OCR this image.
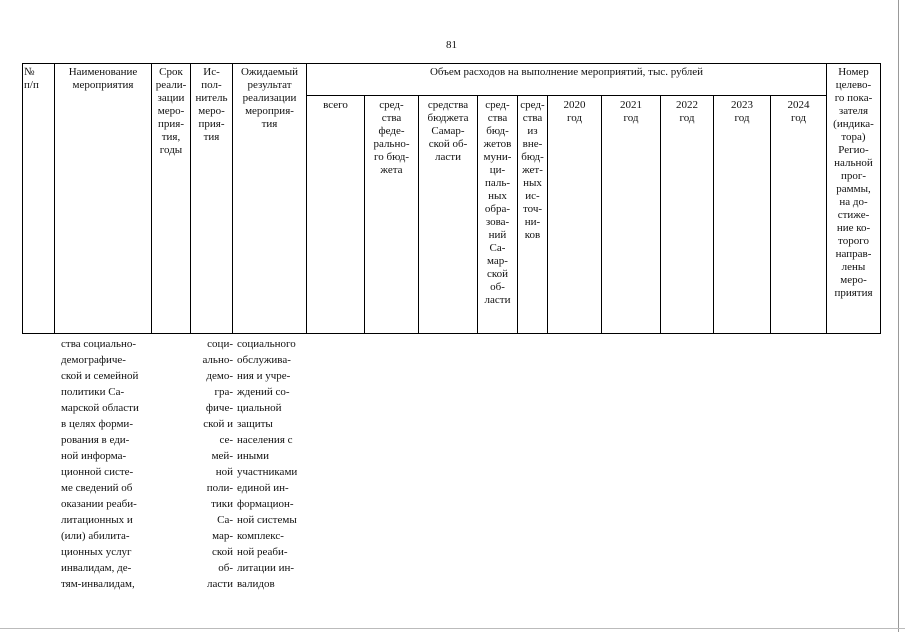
81
№
п/п
Наименование
мероприятия
Срок
реали-
зации
меро-
прия-
тия,
годы
Ис-
пол-
нитель
меро-
прия-
тия
Ожидаемый
результат
реализации
мероприя-
тия
Объем расходов на выполнение мероприятий, тыс. рублей	Номер
целево-
го пока-
зателя
(индика-
тора)
Регио-
нальной
прог-
раммы,
на до-
стиже-
ние ко-
торого
направ-
лены
меро-
приятия
всего	сред-
ства
феде-
рально-
го бюд-
жета
средства
бюджета
Самар-
ской об-
ласти
сред-
ства
бюд-
жетов
муни-
ци-
паль-
ных
обра-
зова-
ний
Са-
мар-
ской
об-
ласти
сред-
ства
из
вне-
бюд-
жет-
ных
ис-
точ-
ни-
ков
2020
год
2021
год
2022
год
2023
год
2024
год
ства социально-
демографиче-
ской и семейной
политики Са-
марской области
в целях форми-
рования в еди-
ной информа-
ционной систе-
ме сведений об
оказании реаби-
литационных и
(или) абилита-
ционных услуг
инвалидам, де-
тям-инвалидам,
соци-
ально-
демо-
гра-
фиче-
ской и
се-
мей-
ной
поли-
тики
Са-
мар-
ской
об-
ласти
социального
обслужива-
ния и учре-
ждений со-
циальной
защиты
населения с
иными
участниками
единой ин-
формацион-
ной системы
комплекс-
ной реаби-
литации ин-
валидов
